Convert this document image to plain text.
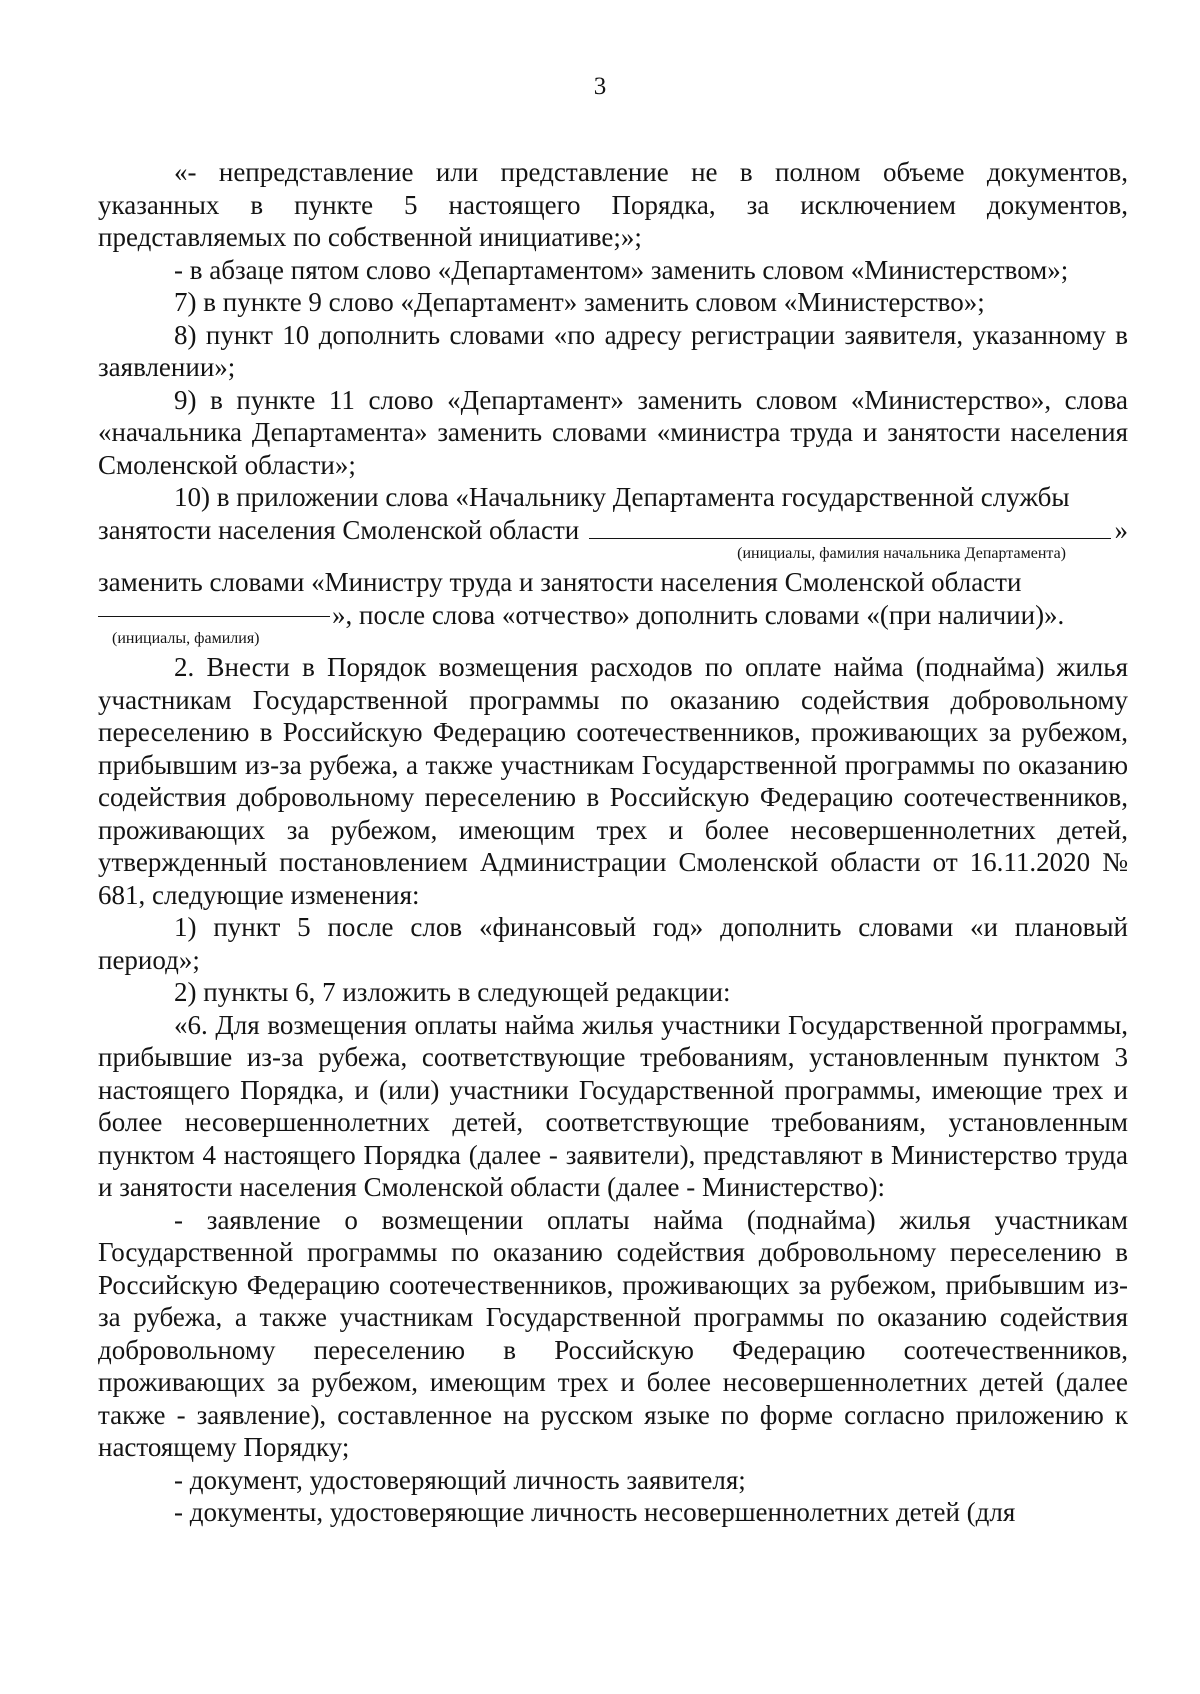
3

«- непредставление или представление не в полном объеме документов, указанных в пункте 5 настоящего Порядка, за исключением документов, представляемых по собственной инициативе;»;

- в абзаце пятом слово «Департаментом» заменить словом «Министерством»;

7) в пункте 9 слово «Департамент» заменить словом «Министерство»;

8) пункт 10 дополнить словами «по адресу регистрации заявителя, указанному в заявлении»;

9) в пункте 11 слово «Департамент» заменить словом «Министерство», слова «начальника Департамента» заменить словами «министра труда и занятости населения Смоленской области»;

10) в приложении слова «Начальнику Департамента государственной службы

занятости населения Смоленской области	»
(инициалы, фамилия начальника Департамента)

заменить словами «Министру труда и занятости населения Смоленской области

», после слова «отчество» дополнить словами «(при наличии)».
(инициалы, фамилия)

2. Внести в Порядок возмещения расходов по оплате найма (поднайма) жилья участникам Государственной программы по оказанию содействия добровольному переселению в Российскую Федерацию соотечественников, проживающих за рубежом, прибывшим из-за рубежа, а также участникам Государственной программы по оказанию содействия добровольному переселению в Российскую Федерацию соотечественников, проживающих за рубежом, имеющим трех и более несовершеннолетних детей, утвержденный постановлением Администрации Смоленской области от 16.11.2020 № 681, следующие изменения:

1) пункт 5 после слов «финансовый год» дополнить словами «и плановый период»;

2) пункты 6, 7 изложить в следующей редакции:

«6. Для возмещения оплаты найма жилья участники Государственной программы, прибывшие из-за рубежа, соответствующие требованиям, установленным пунктом 3 настоящего Порядка, и (или) участники Государственной программы, имеющие трех и более несовершеннолетних детей, соответствующие требованиям, установленным пунктом 4 настоящего Порядка (далее - заявители), представляют в Министерство труда и занятости населения Смоленской области (далее - Министерство):

- заявление о возмещении оплаты найма (поднайма) жилья участникам Государственной программы по оказанию содействия добровольному переселению в Российскую Федерацию соотечественников, проживающих за рубежом, прибывшим из-за рубежа, а также участникам Государственной программы по оказанию содействия добровольному переселению в Российскую Федерацию соотечественников, проживающих за рубежом, имеющим трех и более несовершеннолетних детей (далее также - заявление), составленное на русском языке по форме согласно приложению к настоящему Порядку;

- документ, удостоверяющий личность заявителя;

- документы, удостоверяющие личность несовершеннолетних детей (для
